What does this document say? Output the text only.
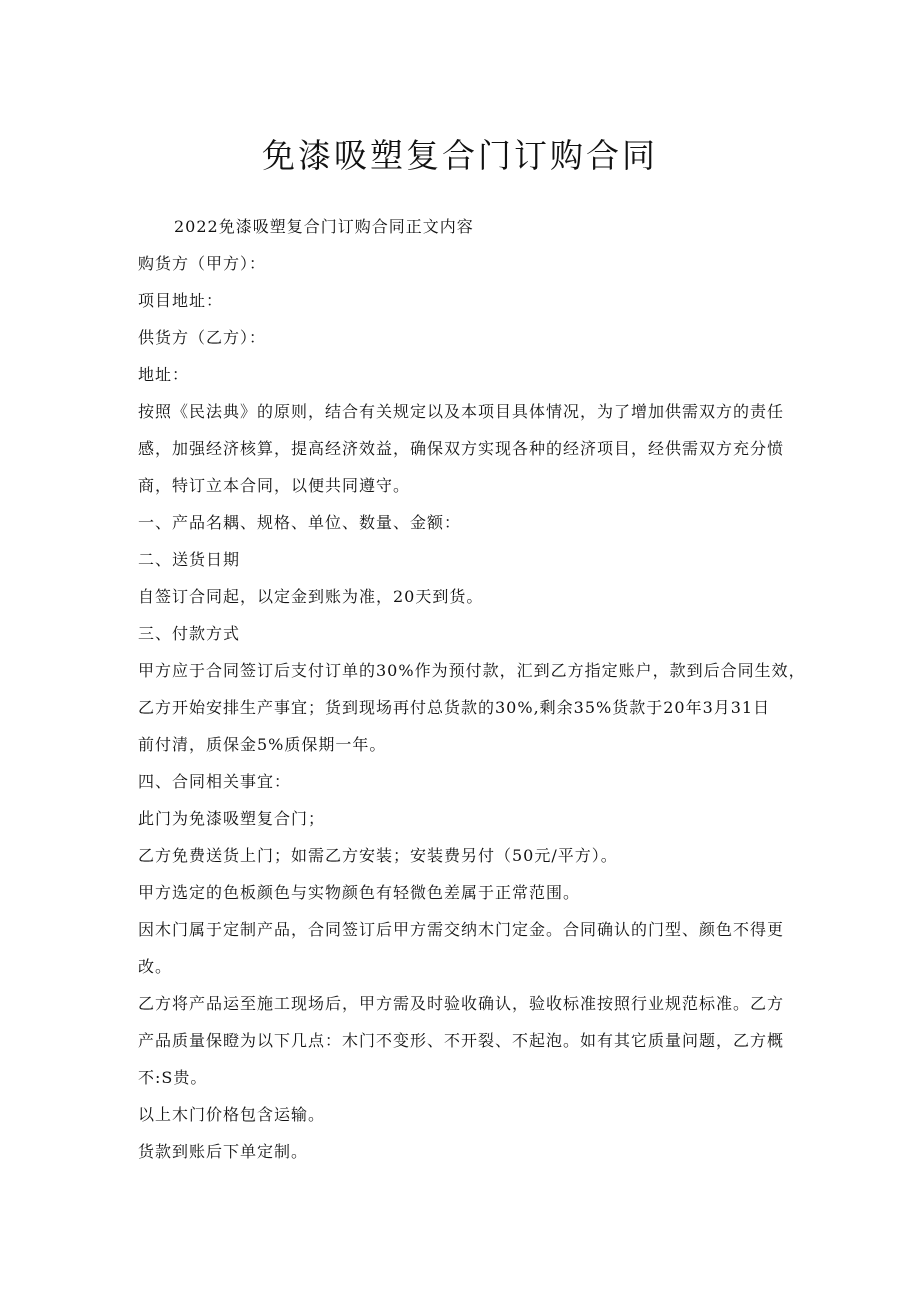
免漆吸塑复合门订购合同
2022免漆吸塑复合门订购合同正文内容
购货方（甲方）：
项目地址：
供货方（乙方）：
地址：
按照《民法典》的原则，结合有关规定以及本项目具体情况，为了增加供需双方的责任
感，加强经济核算，提高经济效益，确保双方实现各种的经济项目，经供需双方充分愤
商，特订立本合同，以便共同遵守。
一、产品名耦、规格、单位、数量、金额：
二、送货日期
自签订合同起，以定金到账为准，20天到货。
三、付款方式
甲方应于合同签订后支付订单的30%作为预付款，汇到乙方指定账户，款到后合同生效，
乙方开始安排生产事宜；货到现场再付总货款的30%,剩余35%货款于20年3月31日
前付清，质保金5%质保期一年。
四、合同相关事宜：
此门为免漆吸塑复合门；
乙方免费送货上门；如需乙方安装；安装费另付（50元/平方）。
甲方选定的色板颜色与实物颜色有轻微色差属于正常范围。
因木门属于定制产品，合同签订后甲方需交纳木门定金。合同确认的门型、颜色不得更
改。
乙方将产品运至施工现场后，甲方需及时验收确认，验收标准按照行业规范标准。乙方
产品质量保瞪为以下几点：木门不变形、不开裂、不起泡。如有其它质量问题，乙方概
不:S贵。
以上木门价格包含运输。
货款到账后下单定制。
